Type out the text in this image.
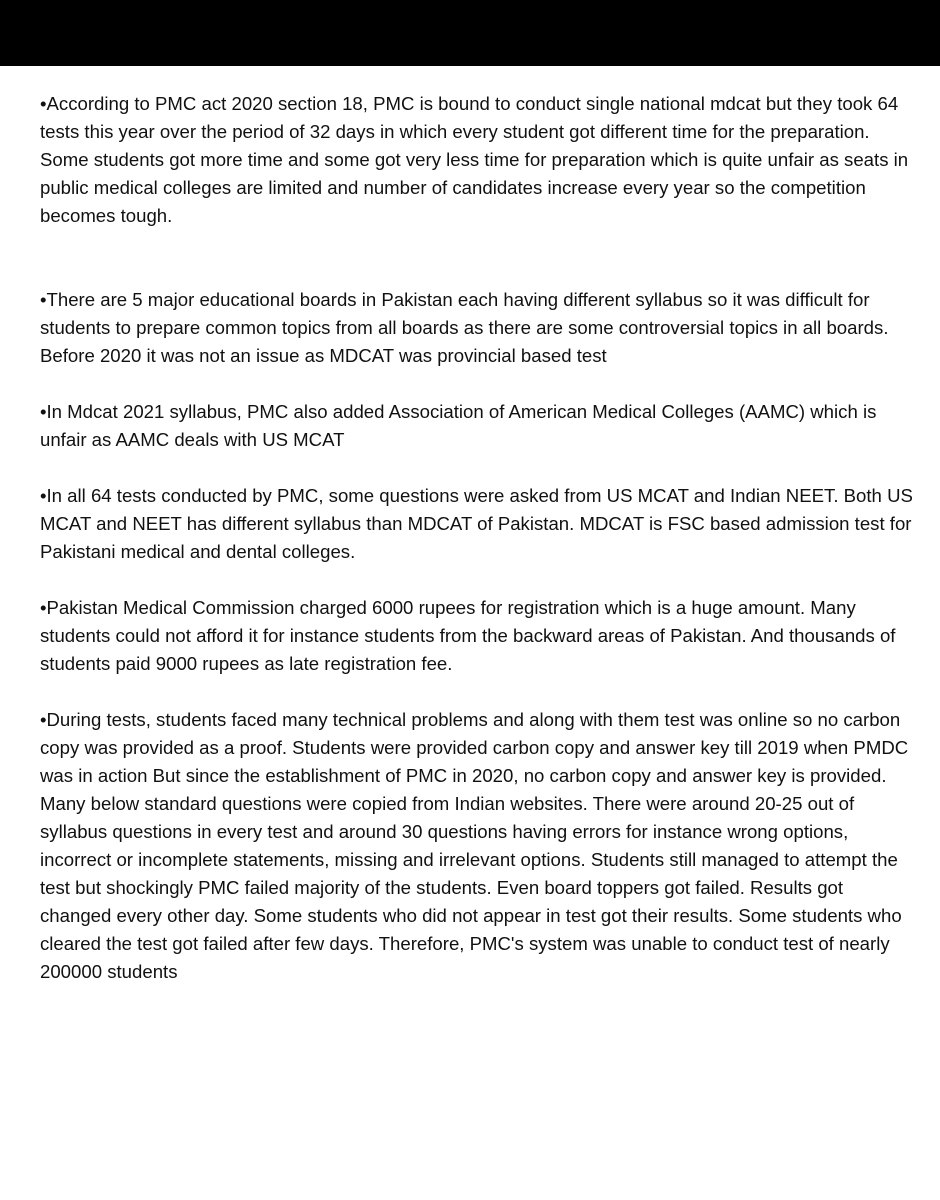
•According to PMC act 2020 section 18, PMC is bound to conduct single national mdcat but they took 64 tests this year over the period of 32 days in which every student got different time for the preparation. Some students got more time and some got very less time for preparation which is quite unfair as seats in public medical colleges are limited and number of candidates increase every year so the competition becomes tough.

•There are 5 major educational boards in Pakistan each having different syllabus so it was difficult for students to prepare common topics from all boards as there are some controversial topics in all boards. Before 2020 it was not an issue as MDCAT was provincial based test

•In Mdcat 2021 syllabus, PMC also added Association of American Medical Colleges (AAMC) which is unfair as AAMC deals with US MCAT

•In all 64 tests conducted by PMC, some questions were asked from US MCAT and Indian NEET. Both US MCAT and NEET has different syllabus than MDCAT of Pakistan. MDCAT is FSC based admission test for Pakistani medical and dental colleges.

•Pakistan Medical Commission charged 6000 rupees for registration which is a huge amount. Many students could not afford it for instance students from the backward areas of Pakistan. And thousands of students paid 9000 rupees as late registration fee.

•During tests, students faced many technical problems and along with them test was online so no carbon copy was provided as a proof. Students were provided carbon copy and answer key till 2019 when PMDC was in action But since the establishment of PMC in 2020, no carbon copy and answer key is provided. Many below standard questions were copied from Indian websites. There were around 20-25 out of syllabus questions in every test and around 30 questions having errors for instance wrong options, incorrect or incomplete statements, missing and irrelevant options. Students still managed to attempt the test but shockingly PMC failed majority of the students. Even board toppers got failed. Results got changed every other day. Some students who did not appear in test got their results. Some students who cleared the test got failed after few days. Therefore, PMC's system was unable to conduct test of nearly 200000 students
